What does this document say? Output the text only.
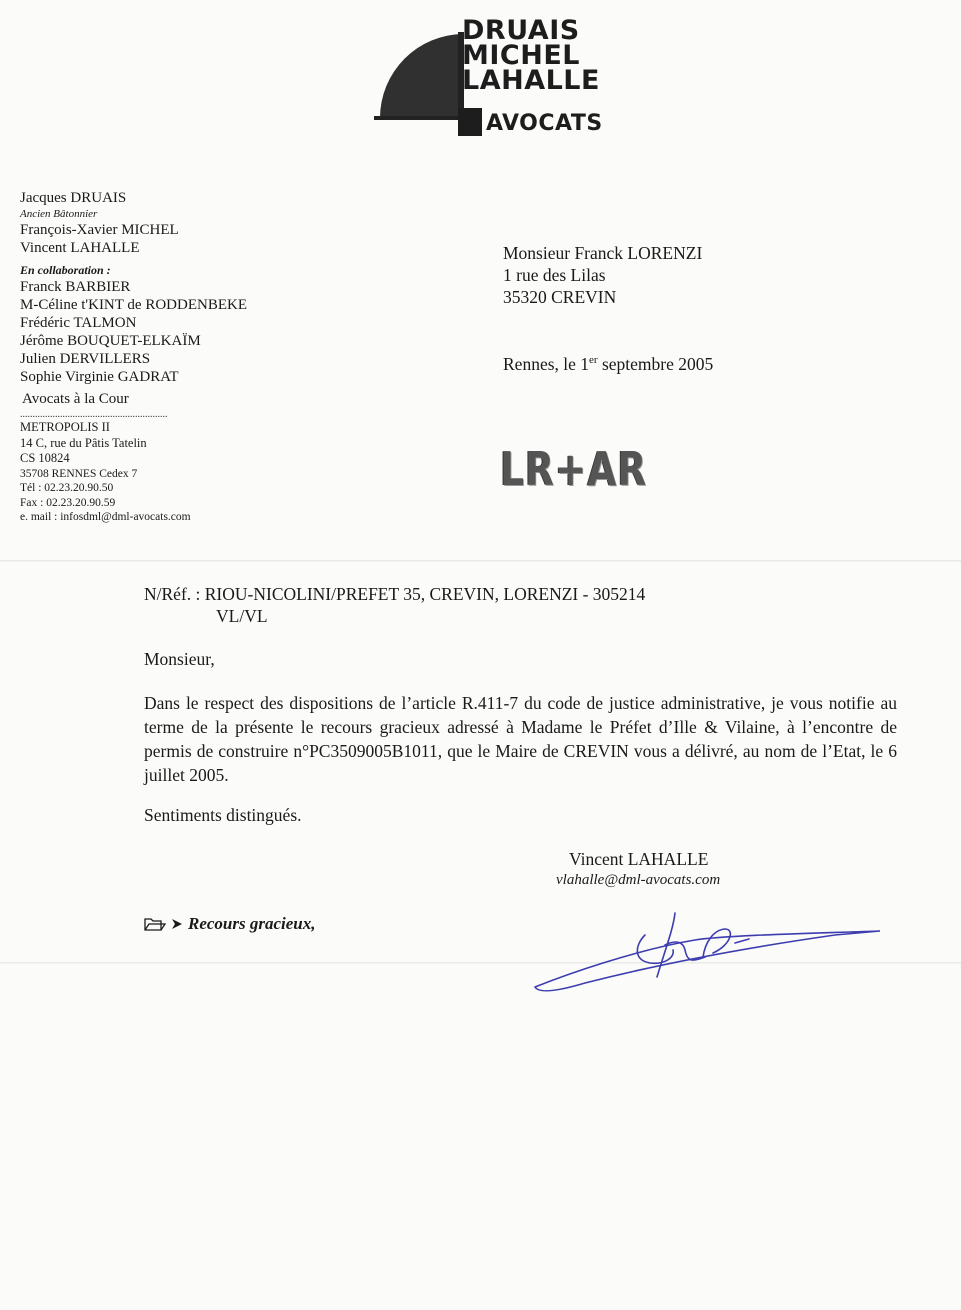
DRUAIS
MICHEL
LAHALLE
AVOCATS
Jacques DRUAIS
Ancien Bâtonnier
François-Xavier MICHEL
Vincent LAHALLE
En collaboration :
Franck BARBIER
M-Céline t'KINT de RODDENBEKE
Frédéric TALMON
Jérôme BOUQUET-ELKAÏM
Julien DERVILLERS
Sophie Virginie GADRAT
Avocats à la Cour
...........................................................
METROPOLIS II
14 C, rue du Pâtis Tatelin
CS 10824
35708 RENNES Cedex 7
Tél : 02.23.20.90.50
Fax : 02.23.20.90.59
e. mail : infosdml@dml-avocats.com
Monsieur Franck LORENZI
1 rue des Lilas
35320 CREVIN
Rennes, le 1er septembre 2005
LR+AR
N/Réf. : RIOU-NICOLINI/PREFET 35, CREVIN, LORENZI - 305214
VL/VL
Monsieur,
Dans le respect des dispositions de l’article R.411-7 du code de justice administrative, je vous notifie au terme de la présente le recours gracieux adressé à Madame le Préfet d’Ille & Vilaine, à l’encontre de permis de construire n°PC3509005B1011, que le Maire de CREVIN vous a délivré, au nom de l’Etat, le 6 juillet 2005.
Sentiments distingués.
Vincent LAHALLE
vlahalle@dml-avocats.com
Recours gracieux,
